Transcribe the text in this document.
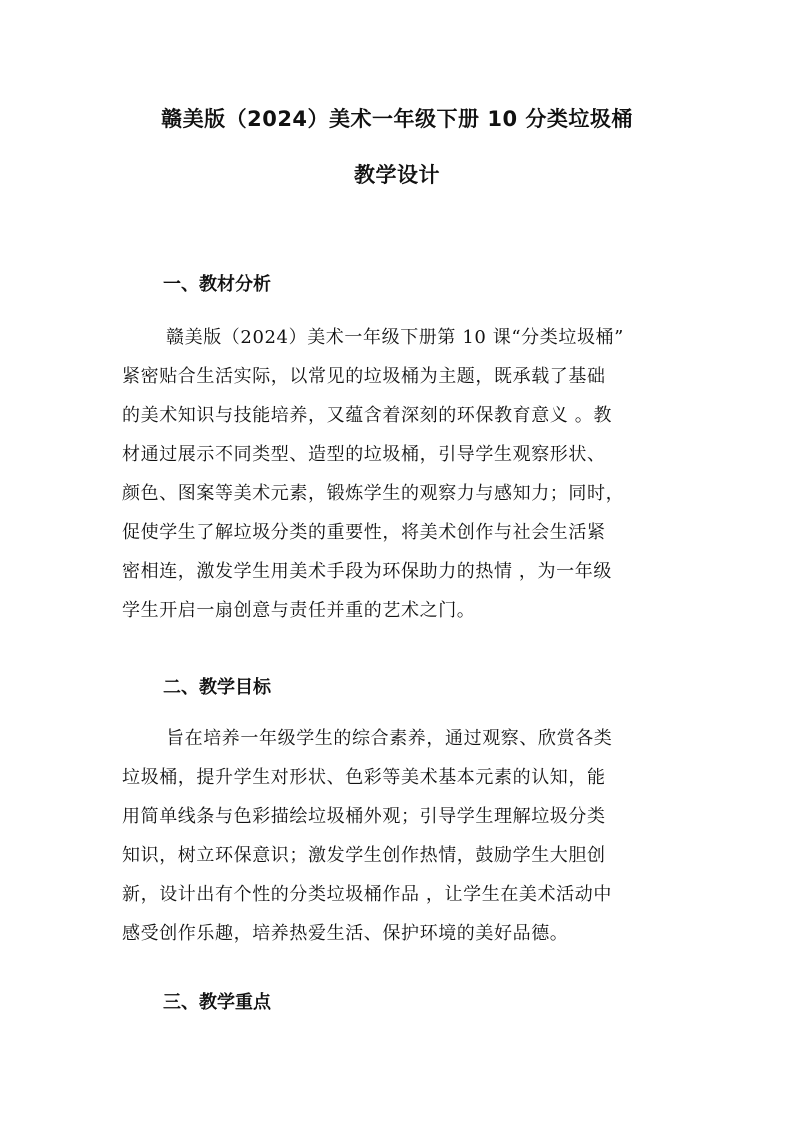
赣美版（2024）美术一年级下册 10 分类垃圾桶
教学设计
一、教材分析
赣美版（2024）美术一年级下册第 10 课“分类垃圾桶”
紧密贴合生活实际，以常见的垃圾桶为主题，既承载了基础
的美术知识与技能培养，又蕴含着深刻的环保教育意义 。教
材通过展示不同类型、造型的垃圾桶，引导学生观察形状、
颜色、图案等美术元素，锻炼学生的观察力与感知力；同时，
促使学生了解垃圾分类的重要性，将美术创作与社会生活紧
密相连，激发学生用美术手段为环保助力的热情 ，为一年级
学生开启一扇创意与责任并重的艺术之门。
二、教学目标
旨在培养一年级学生的综合素养，通过观察、欣赏各类
垃圾桶，提升学生对形状、色彩等美术基本元素的认知，能
用简单线条与色彩描绘垃圾桶外观；引导学生理解垃圾分类
知识，树立环保意识；激发学生创作热情，鼓励学生大胆创
新，设计出有个性的分类垃圾桶作品 ，让学生在美术活动中
感受创作乐趣，培养热爱生活、保护环境的美好品德。
三、教学重点
